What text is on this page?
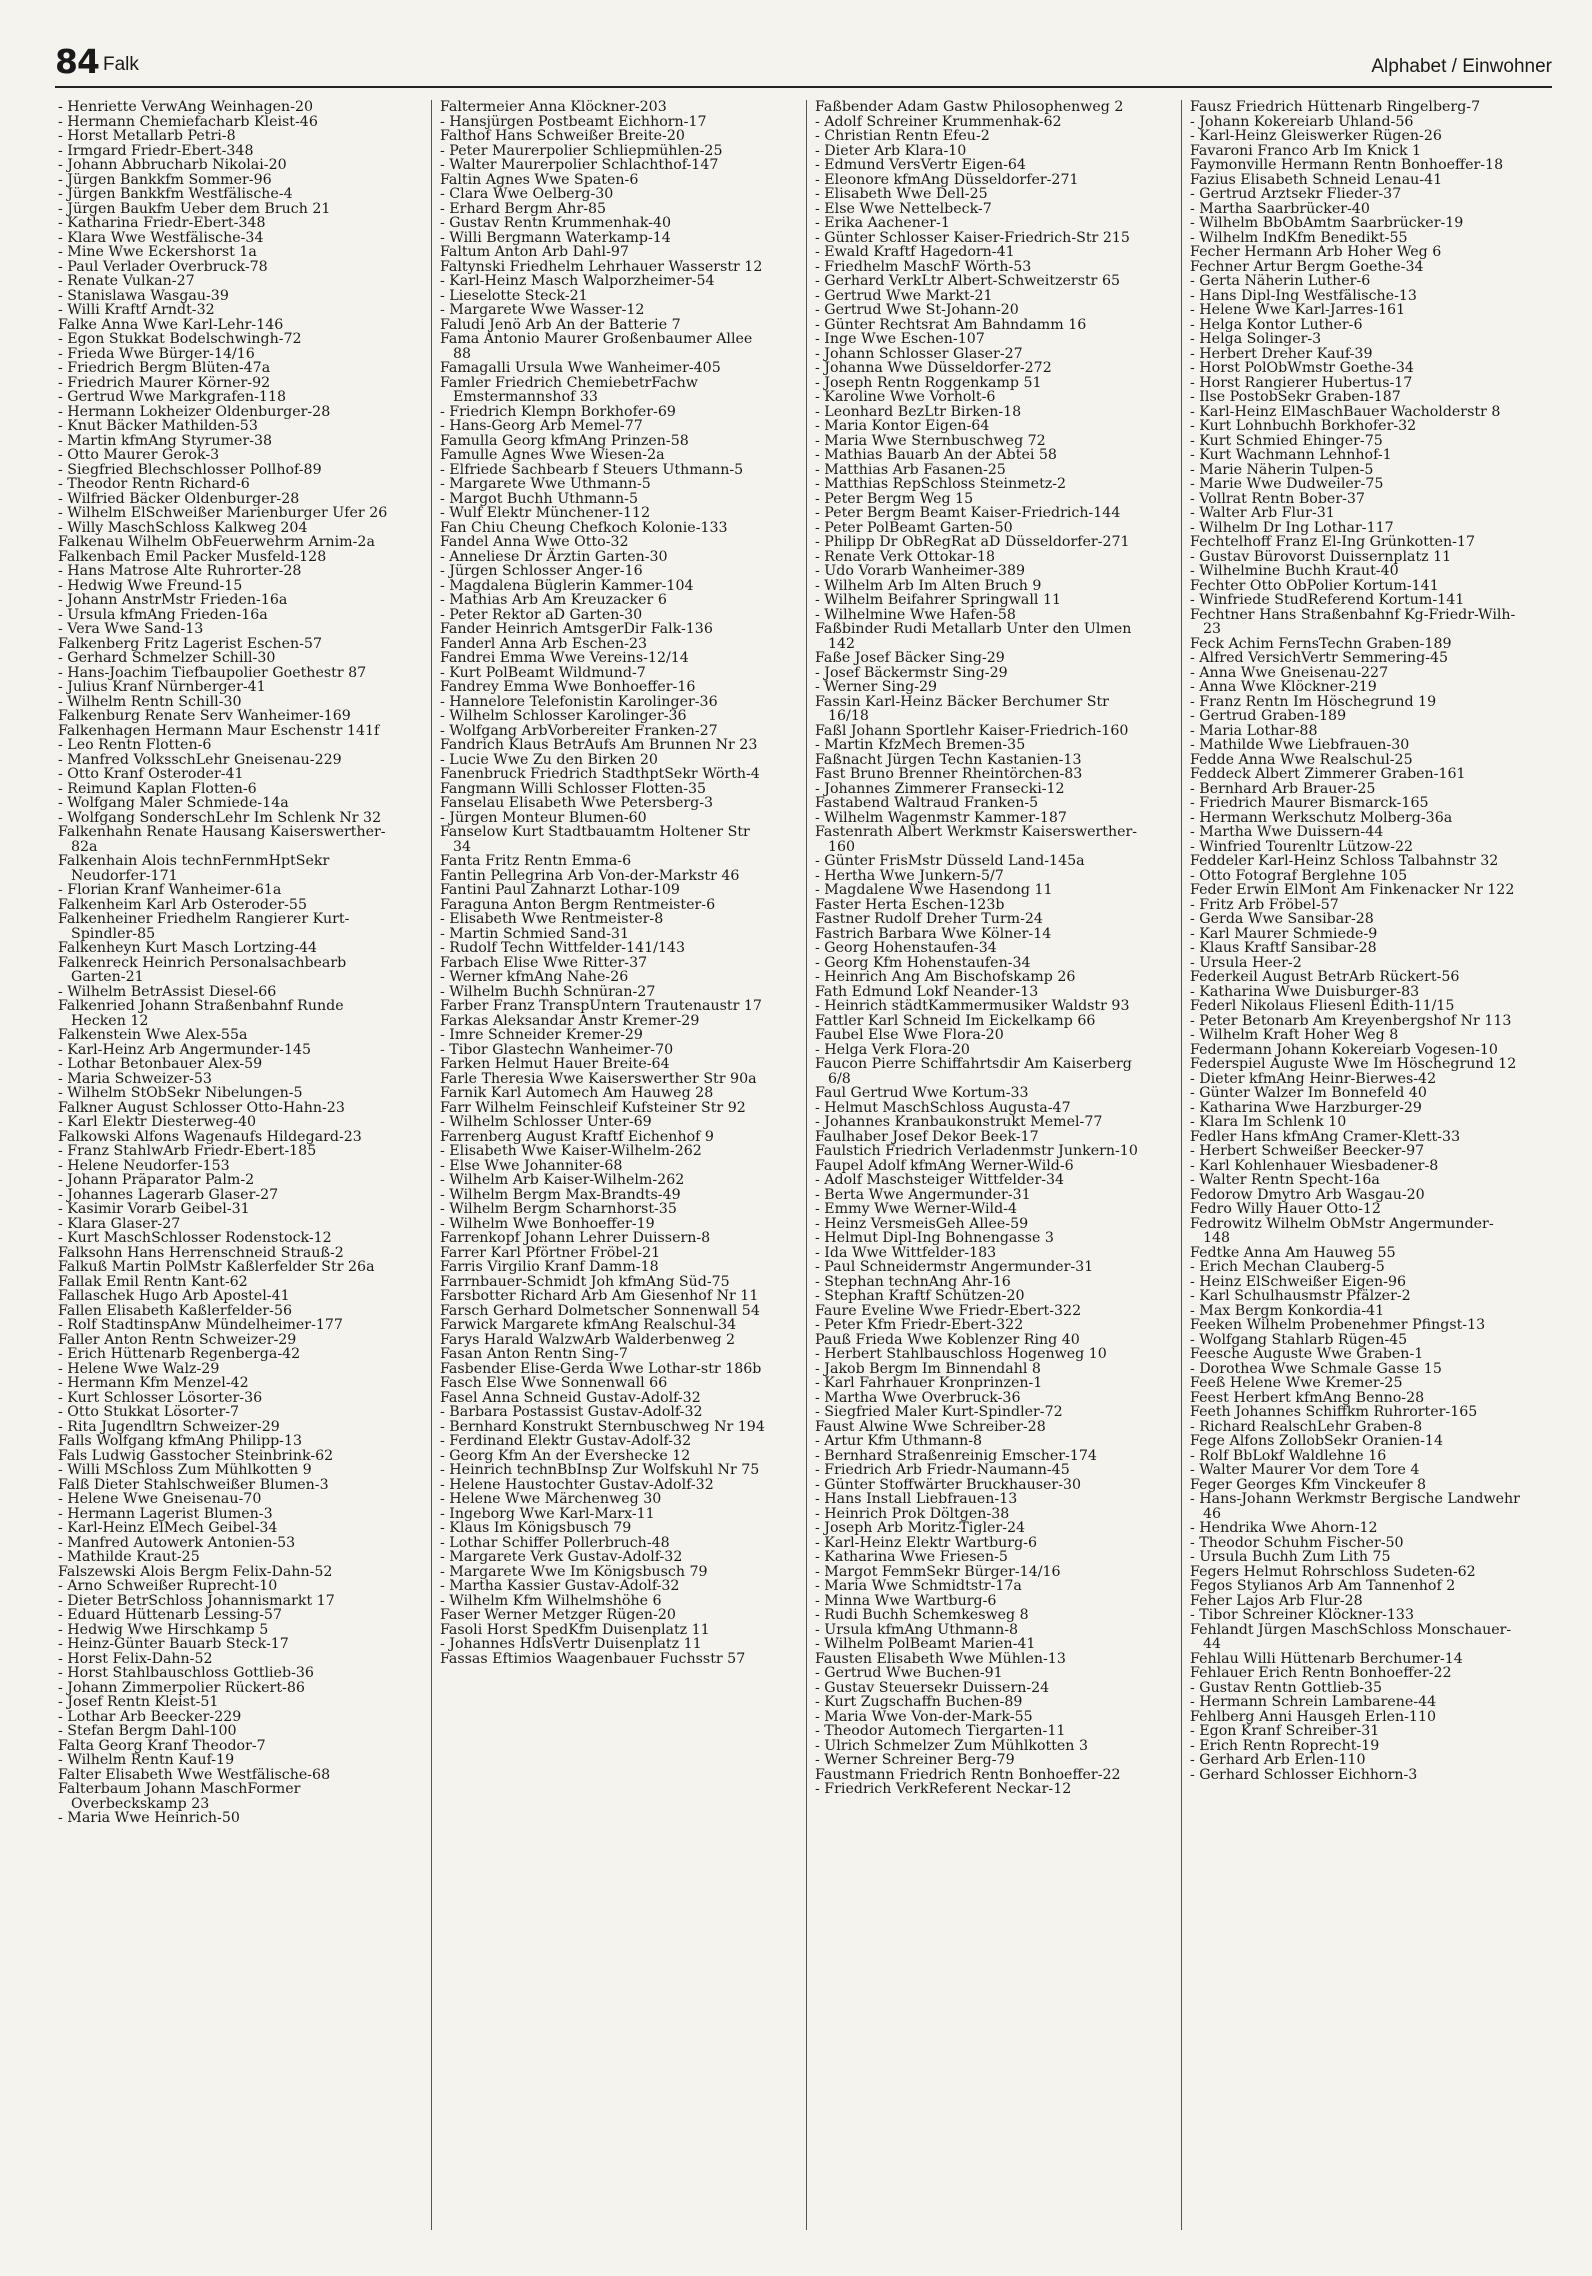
84 Falk	Alphabet / Einwohner
- Henriette VerwAng Weinhagen-20
- Hermann Chemiefacharb Kleist-46
- Horst Metallarb Petri-8
- Irmgard Friedr-Ebert-348
- Johann Abbrucharb Nikolai-20
- Jürgen Bankkfm Sommer-96
- Jürgen Bankkfm Westfälische-4
- Jürgen Baukfm Ueber dem Bruch 21
- Katharina Friedr-Ebert-348
- Klara Wwe Westfälische-34
- Mine Wwe Eckershorst 1a
- Paul Verlader Overbruck-78
- Renate Vulkan-27
- Stanislawa Wasgau-39
- Willi Kraftf Arndt-32
Falke Anna Wwe Karl-Lehr-146
- Egon Stukkat Bodelschwingh-72
- Frieda Wwe Bürger-14/16
- Friedrich Bergm Blüten-47a
- Friedrich Maurer Körner-92
- Gertrud Wwe Markgrafen-118
- Hermann Lokheizer Oldenburger-28
- Knut Bäcker Mathilden-53
- Martin kfmAng Styrumer-38
- Otto Maurer Gerok-3
- Siegfried Blechschlosser Pollhof-89
- Theodor Rentn Richard-6
- Wilfried Bäcker Oldenburger-28
- Wilhelm ElSchweißer Marienburger Ufer 26
- Willy MaschSchloss Kalkweg 204
Falkenau Wilhelm ObFeuerwehrm Arnim-2a
Falkenbach Emil Packer Musfeld-128
- Hans Matrose Alte Ruhrorter-28
- Hedwig Wwe Freund-15
- Johann AnstrMstr Frieden-16a
- Ursula kfmAng Frieden-16a
- Vera Wwe Sand-13
Falkenberg Fritz Lagerist Eschen-57
- Gerhard Schmelzer Schill-30
- Hans-Joachim Tiefbaupolier Goethestr 87
- Julius Kranf Nürnberger-41
- Wilhelm Rentn Schill-30
Falkenburg Renate Serv Wanheimer-169
Falkenhagen Hermann Maur Eschenstr 141f
- Leo Rentn Flotten-6
- Manfred VolksschLehr Gneisenau-229
- Otto Kranf Osteroder-41
- Reimund Kaplan Flotten-6
- Wolfgang Maler Schmiede-14a
- Wolfgang SonderschLehr Im Schlenk Nr 32
Falkenhahn Renate Hausang Kaiserswerther-82a
Falkenhain Alois technFernmHptSekr Neudorfer-171
- Florian Kranf Wanheimer-61a
Falkenheim Karl Arb Osteroder-55
Falkenheiner Friedhelm Rangierer Kurt-Spindler-85
Falkenheyn Kurt Masch Lortzing-44
Falkenreck Heinrich Personalsachbearb Garten-21
- Wilhelm BetrAssist Diesel-66
Falkenried Johann Straßenbahnf Runde Hecken 12
Falkenstein Wwe Alex-55a
- Karl-Heinz Arb Angermunder-145
- Lothar Betonbauer Alex-59
- Maria Schweizer-53
- Wilhelm StObSekr Nibelungen-5
Falkner August Schlosser Otto-Hahn-23
- Karl Elektr Diesterweg-40
Falkowski Alfons Wagenaufs Hildegard-23
- Franz StahlwArb Friedr-Ebert-185
- Helene Neudorfer-153
- Johann Präparator Palm-2
- Johannes Lagerarb Glaser-27
- Kasimir Vorarb Geibel-31
- Klara Glaser-27
- Kurt MaschSchlosser Rodenstock-12
Falksohn Hans Herrenschneid Strauß-2
Falkuß Martin PolMstr Kaßlerfelder Str 26a
Fallak Emil Rentn Kant-62
Fallaschek Hugo Arb Apostel-41
Fallen Elisabeth Kaßlerfelder-56
- Rolf StadtinspAnw Mündelheimer-177
Faller Anton Rentn Schweizer-29
- Erich Hüttenarb Regenberga-42
- Helene Wwe Walz-29
- Hermann Kfm Menzel-42
- Kurt Schlosser Lösorter-36
- Otto Stukkat Lösorter-7
- Rita Jugendltrn Schweizer-29
Falls Wolfgang kfmAng Philipp-13
Fals Ludwig Gasstocher Steinbrink-62
- Willi MSchloss Zum Mühlkotten 9
Falß Dieter Stahlschweißer Blumen-3
- Helene Wwe Gneisenau-70
- Hermann Lagerist Blumen-3
- Karl-Heinz ElMech Geibel-34
- Manfred Autowerk Antonien-53
- Mathilde Kraut-25
Falszewski Alois Bergm Felix-Dahn-52
- Arno Schweißer Ruprecht-10
- Dieter BetrSchloss Johannismarkt 17
- Eduard Hüttenarb Lessing-57
- Hedwig Wwe Hirschkamp 5
- Heinz-Günter Bauarb Steck-17
- Horst Felix-Dahn-52
- Horst Stahlbauschloss Gottlieb-36
- Johann Zimmerpolier Rückert-86
- Josef Rentn Kleist-51
- Lothar Arb Beecker-229
- Stefan Bergm Dahl-100
Falta Georg Kranf Theodor-7
- Wilhelm Rentn Kauf-19
Falter Elisabeth Wwe Westfälische-68
Falterbaum Johann MaschFormer Overbeckskamp 23
- Maria Wwe Heinrich-50
Faltermeier Anna Klöckner-203
- Hansjürgen Postbeamt Eichhorn-17
Falthof Hans Schweißer Breite-20
- Peter Maurerpolier Schliepmühlen-25
- Walter Maurerpolier Schlachthof-147
Faltin Agnes Wwe Spaten-6
- Clara Wwe Oelberg-30
- Erhard Bergm Ahr-85
- Gustav Rentn Krummenhak-40
- Willi Bergmann Waterkamp-14
Faltum Anton Arb Dahl-97
Faltynski Friedhelm Lehrhauer Wasserstr 12
- Karl-Heinz Masch Walporzheimer-54
- Lieselotte Steck-21
- Margarete Wwe Wasser-12
Faludi Jenö Arb An der Batterie 7
Fama Antonio Maurer Großenbaumer Allee 88
Famagalli Ursula Wwe Wanheimer-405
Famler Friedrich ChemiebetrFachw Emstermannshof 33
- Friedrich Klempn Borkhofer-69
- Hans-Georg Arb Memel-77
Famulla Georg kfmAng Prinzen-58
Famulle Agnes Wwe Wiesen-2a
- Elfriede Sachbearb f Steuers Uthmann-5
- Margarete Wwe Uthmann-5
- Margot Buchh Uthmann-5
- Wulf Elektr Münchener-112
Fan Chiu Cheung Chefkoch Kolonie-133
Fandel Anna Wwe Otto-32
- Anneliese Dr Ärztin Garten-30
- Jürgen Schlosser Anger-16
- Magdalena Büglerin Kammer-104
- Mathias Arb Am Kreuzacker 6
- Peter Rektor aD Garten-30
Fander Heinrich AmtsgerDir Falk-136
Fanderl Anna Arb Eschen-23
Fandrei Emma Wwe Vereins-12/14
- Kurt PolBeamt Wildmund-7
Fandrey Emma Wwe Bonhoeffer-16
- Hannelore Telefonistin Karolinger-36
- Wilhelm Schlosser Karolinger-36
- Wolfgang ArbVorbereiter Franken-27
Fandrich Klaus BetrAufs Am Brunnen Nr 23
- Lucie Wwe Zu den Birken 20
Fanenbruck Friedrich StadthptSekr Wörth-4
Fangmann Willi Schlosser Flotten-35
Fanselau Elisabeth Wwe Petersberg-3
- Jürgen Monteur Blumen-60
Fanselow Kurt Stadtbauamtm Holtener Str 34
Fanta Fritz Rentn Emma-6
Fantin Pellegrina Arb Von-der-Markstr 46
Fantini Paul Zahnarzt Lothar-109
Faraguna Anton Bergm Rentmeister-6
- Elisabeth Wwe Rentmeister-8
- Martin Schmied Sand-31
- Rudolf Techn Wittfelder-141/143
Farbach Elise Wwe Ritter-37
- Werner kfmAng Nahe-26
- Wilhelm Buchh Schnüran-27
Farber Franz TranspUntern Trautenaustr 17
Farkas Aleksandar Anstr Kremer-29
- Imre Schneider Kremer-29
- Tibor Glastechn Wanheimer-70
Farken Helmut Hauer Breite-64
Farle Theresia Wwe Kaiserswerther Str 90a
Farnik Karl Automech Am Hauweg 28
Farr Wilhelm Feinschleif Kufsteiner Str 92
- Wilhelm Schlosser Unter-69
Farrenberg August Kraftf Eichenhof 9
- Elisabeth Wwe Kaiser-Wilhelm-262
- Else Wwe Johanniter-68
- Wilhelm Arb Kaiser-Wilhelm-262
- Wilhelm Bergm Max-Brandts-49
- Wilhelm Bergm Scharnhorst-35
- Wilhelm Wwe Bonhoeffer-19
Farrenkopf Johann Lehrer Duissern-8
Farrer Karl Pförtner Fröbel-21
Farris Virgilio Kranf Damm-18
Farrnbauer-Schmidt Joh kfmAng Süd-75
Farsbotter Richard Arb Am Giesenhof Nr 11
Farsch Gerhard Dolmetscher Sonnenwall 54
Farwick Margarete kfmAng Realschul-34
Farys Harald WalzwArb Walderbenweg 2
Fasan Anton Rentn Sing-7
Fasbender Elise-Gerda Wwe Lothar-str 186b
Fasch Else Wwe Sonnenwall 66
Fasel Anna Schneid Gustav-Adolf-32
- Barbara Postassist Gustav-Adolf-32
- Bernhard Konstrukt Sternbuschweg Nr 194
- Ferdinand Elektr Gustav-Adolf-32
- Georg Kfm An der Evershecke 12
- Heinrich technBbInsp Zur Wolfskuhl Nr 75
- Helene Haustochter Gustav-Adolf-32
- Helene Wwe Märchenweg 30
- Ingeborg Wwe Karl-Marx-11
- Klaus Im Königsbusch 79
- Lothar Schiffer Pollerbruch-48
- Margarete Verk Gustav-Adolf-32
- Margarete Wwe Im Königsbusch 79
- Martha Kassier Gustav-Adolf-32
- Wilhelm Kfm Wilhelmshöhe 6
Faser Werner Metzger Rügen-20
Fasoli Horst SpedKfm Duisenplatz 11
- Johannes HdlsVertr Duisenplatz 11
Fassas Eftimios Waagenbauer Fuchsstr 57
Faßbender Adam Gastw Philosophenweg 2
- Adolf Schreiner Krummenhak-62
- Christian Rentn Efeu-2
- Dieter Arb Klara-10
- Edmund VersVertr Eigen-64
- Eleonore kfmAng Düsseldorfer-271
- Elisabeth Wwe Dell-25
- Else Wwe Nettelbeck-7
- Erika Aachener-1
- Günter Schlosser Kaiser-Friedrich-Str 215
- Ewald Kraftf Hagedorn-41
- Friedhelm MaschF Wörth-53
- Gerhard VerkLtr Albert-Schweitzerstr 65
- Gertrud Wwe Markt-21
- Gertrud Wwe St-Johann-20
- Günter Rechtsrat Am Bahndamm 16
- Inge Wwe Eschen-107
- Johann Schlosser Glaser-27
- Johanna Wwe Düsseldorfer-272
- Joseph Rentn Roggenkamp 51
- Karoline Wwe Vorholt-6
- Leonhard BezLtr Birken-18
- Maria Kontor Eigen-64
- Maria Wwe Sternbuschweg 72
- Mathias Bauarb An der Abtei 58
- Matthias Arb Fasanen-25
- Matthias RepSchloss Steinmetz-2
- Peter Bergm Weg 15
- Peter Bergm Beamt Kaiser-Friedrich-144
- Peter PolBeamt Garten-50
- Philipp Dr ObRegRat aD Düsseldorfer-271
- Renate Verk Ottokar-18
- Udo Vorarb Wanheimer-389
- Wilhelm Arb Im Alten Bruch 9
- Wilhelm Beifahrer Springwall 11
- Wilhelmine Wwe Hafen-58
Faßbinder Rudi Metallarb Unter den Ulmen 142
Faße Josef Bäcker Sing-29
- Josef Bäckermstr Sing-29
- Werner Sing-29
Fassin Karl-Heinz Bäcker Berchumer Str 16/18
Faßl Johann Sportlehr Kaiser-Friedrich-160
- Martin KfzMech Bremen-35
Faßnacht Jürgen Techn Kastanien-13
Fast Bruno Brenner Rheintörchen-83
- Johannes Zimmerer Fransecki-12
Fastabend Waltraud Franken-5
- Wilhelm Wagenmstr Kammer-187
Fastenrath Albert Werkmstr Kaiserswerther-160
- Günter FrisMstr Düsseld Land-145a
- Hertha Wwe Junkern-5/7
- Magdalene Wwe Hasendong 11
Faster Herta Eschen-123b
Fastner Rudolf Dreher Turm-24
Fastrich Barbara Wwe Kölner-14
- Georg Hohenstaufen-34
- Georg Kfm Hohenstaufen-34
- Heinrich Ang Am Bischofskamp 26
Fath Edmund Lokf Neander-13
- Heinrich städtKammermusiker Waldstr 93
Fattler Karl Schneid Im Eickelkamp 66
Faubel Else Wwe Flora-20
- Helga Verk Flora-20
Faucon Pierre Schiffahrtsdir Am Kaiserberg 6/8
Faul Gertrud Wwe Kortum-33
- Helmut MaschSchloss Augusta-47
- Johannes Kranbaukonstrukt Memel-77
Faulhaber Josef Dekor Beek-17
Faulstich Friedrich Verladenmstr Junkern-10
Faupel Adolf kfmAng Werner-Wild-6
- Adolf Maschsteiger Wittfelder-34
- Berta Wwe Angermunder-31
- Emmy Wwe Werner-Wild-4
- Heinz VersmeisGeh Allee-59
- Helmut Dipl-Ing Bohnengasse 3
- Ida Wwe Wittfelder-183
- Paul Schneidermstr Angermunder-31
- Stephan technAng Ahr-16
- Stephan Kraftf Schützen-20
Faure Eveline Wwe Friedr-Ebert-322
- Peter Kfm Friedr-Ebert-322
Pauß Frieda Wwe Koblenzer Ring 40
- Herbert Stahlbauschloss Hogenweg 10
- Jakob Bergm Im Binnendahl 8
- Karl Fahrhauer Kronprinzen-1
- Martha Wwe Overbruck-36
- Siegfried Maler Kurt-Spindler-72
Faust Alwine Wwe Schreiber-28
- Artur Kfm Uthmann-8
- Bernhard Straßenreinig Emscher-174
- Friedrich Arb Friedr-Naumann-45
- Günter Stoffwärter Bruckhauser-30
- Hans Install Liebfrauen-13
- Heinrich Prok Döltgen-38
- Joseph Arb Moritz-Tigler-24
- Karl-Heinz Elektr Wartburg-6
- Katharina Wwe Friesen-5
- Margot FemmSekr Bürger-14/16
- Maria Wwe Schmidtstr-17a
- Minna Wwe Wartburg-6
- Rudi Buchh Schemkesweg 8
- Ursula kfmAng Uthmann-8
- Wilhelm PolBeamt Marien-41
Fausten Elisabeth Wwe Mühlen-13
- Gertrud Wwe Buchen-91
- Gustav Steuersekr Duissern-24
- Kurt Zugschaffn Buchen-89
- Maria Wwe Von-der-Mark-55
- Theodor Automech Tiergarten-11
- Ulrich Schmelzer Zum Mühlkotten 3
- Werner Schreiner Berg-79
Faustmann Friedrich Rentn Bonhoeffer-22
- Friedrich VerkReferent Neckar-12
Fausz Friedrich Hüttenarb Ringelberg-7
- Johann Kokereiarb Uhland-56
- Karl-Heinz Gleiswerker Rügen-26
Favaroni Franco Arb Im Knick 1
Faymonville Hermann Rentn Bonhoeffer-18
Fazius Elisabeth Schneid Lenau-41
- Gertrud Arztsekr Flieder-37
- Martha Saarbrücker-40
- Wilhelm BbObAmtm Saarbrücker-19
- Wilhelm IndKfm Benedikt-55
Fecher Hermann Arb Hoher Weg 6
Fechner Artur Bergm Goethe-34
- Gerta Näherin Luther-6
- Hans Dipl-Ing Westfälische-13
- Helene Wwe Karl-Jarres-161
- Helga Kontor Luther-6
- Helga Solinger-3
- Herbert Dreher Kauf-39
- Horst PolObWmstr Goethe-34
- Horst Rangierer Hubertus-17
- Ilse PostobSekr Graben-187
- Karl-Heinz ElMaschBauer Wacholderstr 8
- Kurt Lohnbuchh Borkhofer-32
- Kurt Schmied Ehinger-75
- Kurt Wachmann Lehnhof-1
- Marie Näherin Tulpen-5
- Marie Wwe Dudweiler-75
- Vollrat Rentn Bober-37
- Walter Arb Flur-31
- Wilhelm Dr Ing Lothar-117
Fechtelhoff Franz El-Ing Grünkotten-17
- Gustav Bürovorst Duissernplatz 11
- Wilhelmine Buchh Kraut-40
Fechter Otto ObPolier Kortum-141
- Winfriede StudReferend Kortum-141
Fechtner Hans Straßenbahnf Kg-Friedr-Wilh-23
Feck Achim FernsTechn Graben-189
- Alfred VersichVertr Semmering-45
- Anna Wwe Gneisenau-227
- Anna Wwe Klöckner-219
- Franz Rentn Im Höschegrund 19
- Gertrud Graben-189
- Maria Lothar-88
- Mathilde Wwe Liebfrauen-30
Fedde Anna Wwe Realschul-25
Feddeck Albert Zimmerer Graben-161
- Bernhard Arb Brauer-25
- Friedrich Maurer Bismarck-165
- Hermann Werkschutz Molberg-36a
- Martha Wwe Duissern-44
- Winfried Tourenltr Lützow-22
Feddeler Karl-Heinz Schloss Talbahnstr 32
- Otto Fotograf Berglehne 105
Feder Erwin ElMont Am Finkenacker Nr 122
- Fritz Arb Fröbel-57
- Gerda Wwe Sansibar-28
- Karl Maurer Schmiede-9
- Klaus Kraftf Sansibar-28
- Ursula Heer-2
Federkeil August BetrArb Rückert-56
- Katharina Wwe Duisburger-83
Federl Nikolaus Fliesenl Edith-11/15
- Peter Betonarb Am Kreyenbergshof Nr 113
- Wilhelm Kraft Hoher Weg 8
Federmann Johann Kokereiarb Vogesen-10
Federspiel Auguste Wwe Im Höschegrund 12
- Dieter kfmAng Heinr-Bierwes-42
- Günter Walzer Im Bonnefeld 40
- Katharina Wwe Harzburger-29
- Klara Im Schlenk 10
Fedler Hans kfmAng Cramer-Klett-33
- Herbert Schweißer Beecker-97
- Karl Kohlenhauer Wiesbadener-8
- Walter Rentn Specht-16a
Fedorow Dmytro Arb Wasgau-20
Fedro Willy Hauer Otto-12
Fedrowitz Wilhelm ObMstr Angermunder-148
Fedtke Anna Am Hauweg 55
- Erich Mechan Clauberg-5
- Heinz ElSchweißer Eigen-96
- Karl Schulhausmstr Pfälzer-2
- Max Bergm Konkordia-41
Feeken Wilhelm Probenehmer Pfingst-13
- Wolfgang Stahlarb Rügen-45
Feesche Auguste Wwe Graben-1
- Dorothea Wwe Schmale Gasse 15
Feeß Helene Wwe Kremer-25
Feest Herbert kfmAng Benno-28
Feeth Johannes Schiffkm Ruhrorter-165
- Richard RealschLehr Graben-8
Fege Alfons ZollobSekr Oranien-14
- Rolf BbLokf Waldlehne 16
- Walter Maurer Vor dem Tore 4
Feger Georges Kfm Vinckeufer 8
- Hans-Johann Werkmstr Bergische Landwehr 46
- Hendrika Wwe Ahorn-12
- Theodor Schuhm Fischer-50
- Ursula Buchh Zum Lith 75
Fegers Helmut Rohrschloss Sudeten-62
Fegos Stylianos Arb Am Tannenhof 2
Feher Lajos Arb Flur-28
- Tibor Schreiner Klöckner-133
Fehlandt Jürgen MaschSchloss Monschauer-44
Fehlau Willi Hüttenarb Berchumer-14
Fehlauer Erich Rentn Bonhoeffer-22
- Gustav Rentn Gottlieb-35
- Hermann Schrein Lambarene-44
Fehlberg Anni Hausgeh Erlen-110
- Egon Kranf Schreiber-31
- Erich Rentn Roprecht-19
- Gerhard Arb Erlen-110
- Gerhard Schlosser Eichhorn-3
